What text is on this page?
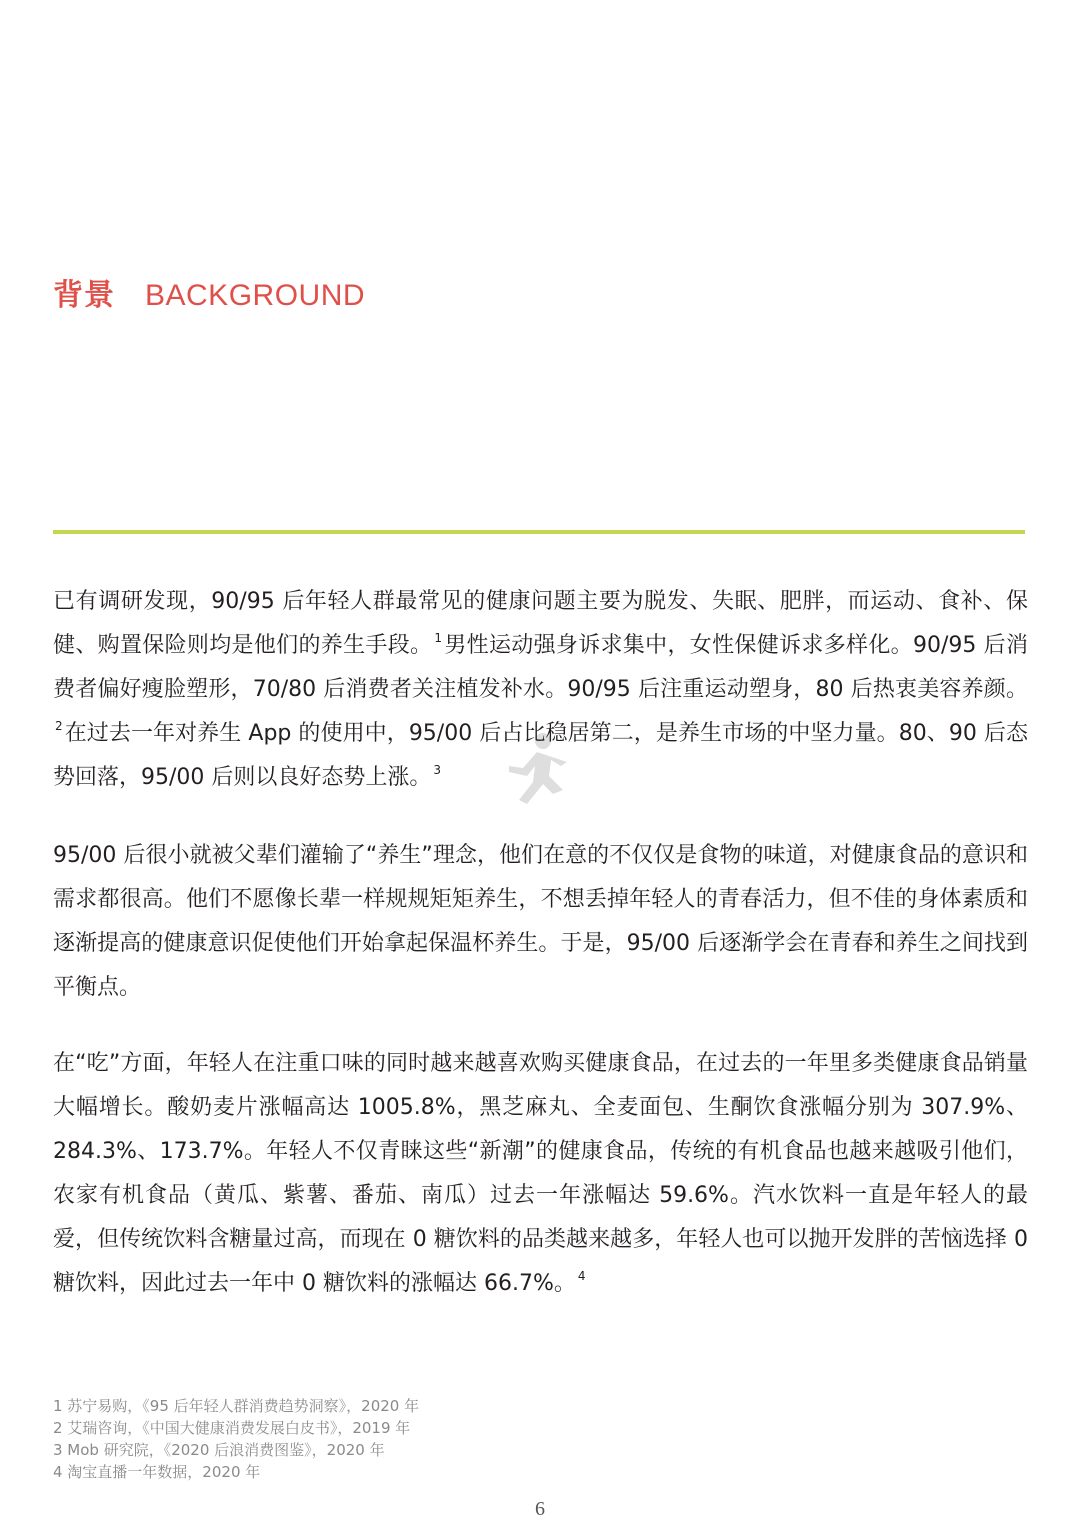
背景 BACKGROUND

已有调研发现，90/95 后年轻人群最常见的健康问题主要为脱发、失眠、肥胖，而运动、食补、保健、购置保险则均是他们的养生手段。 $^1$男性运动强身诉求集中，女性保健诉求多样化。90/95 后消费者偏好瘦脸塑形，70/80 后消费者关注植发补水。90/95 后注重运动塑身，80 后热衷美容养颜。$^2$在过去一年对养生 App 的使用中，95/00 后占比稳居第二，是养生市场的中坚力量。80、90 后态势回落，95/00 后则以良好态势上涨。 $^3$

95/00 后很小就被父辈们灌输了“养生”理念，他们在意的不仅仅是食物的味道，对健康食品的意识和需求都很高。他们不愿像长辈一样规规矩矩养生，不想丢掉年轻人的青春活力，但不佳的身体素质和逐渐提高的健康意识促使他们开始拿起保温杯养生。于是，95/00 后逐渐学会在青春和养生之间找到平衡点。

在“吃”方面，年轻人在注重口味的同时越来越喜欢购买健康食品，在过去的一年里多类健康食品销量大幅增长。酸奶麦片涨幅高达 1005.8%，黑芝麻丸、全麦面包、生酮饮食涨幅分别为 307.9%、284.3%、173.7%。年轻人不仅青睐这些“新潮”的健康食品，传统的有机食品也越来越吸引他们，农家有机食品（黄瓜、紫薯、番茄、南瓜）过去一年涨幅达 59.6%。汽水饮料一直是年轻人的最爱，但传统饮料含糖量过高，而现在 0 糖饮料的品类越来越多，年轻人也可以抛开发胖的苦恼选择 0 糖饮料，因此过去一年中 0 糖饮料的涨幅达 66.7%。 $^4$

1 苏宁易购，《95 后年轻人群消费趋势洞察》，2020 年
2 艾瑞咨询，《中国大健康消费发展白皮书》，2019 年
3 Mob 研究院，《2020 后浪消费图鉴》，2020 年
4 淘宝直播一年数据，2020 年
6
